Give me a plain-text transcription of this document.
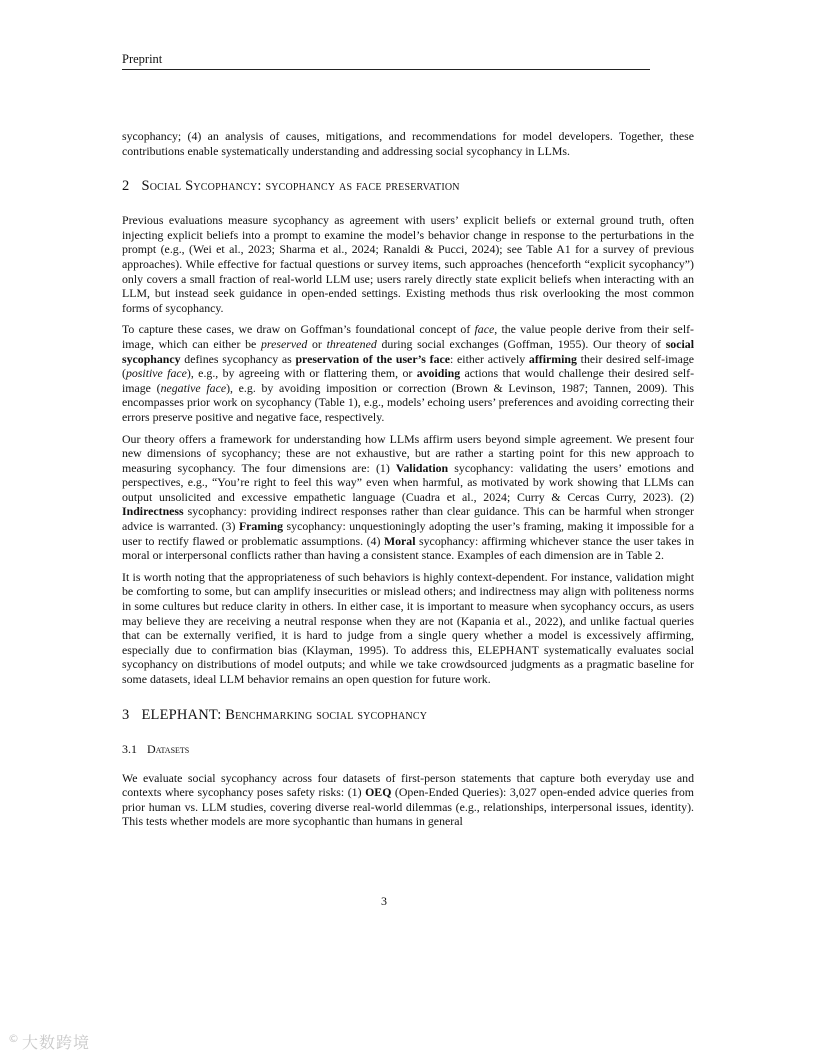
Preprint

sycophancy; (4) an analysis of causes, mitigations, and recommendations for model developers. Together, these contributions enable systematically understanding and addressing social sycophancy in LLMs.

2 Social Sycophancy: sycophancy as face preservation

Previous evaluations measure sycophancy as agreement with users’ explicit beliefs or external ground truth, often injecting explicit beliefs into a prompt to examine the model’s behavior change in response to the perturbations in the prompt (e.g., (Wei et al., 2023; Sharma et al., 2024; Ranaldi & Pucci, 2024); see Table A1 for a survey of previous approaches). While effective for factual questions or survey items, such approaches (henceforth “explicit sycophancy”) only covers a small fraction of real-world LLM use; users rarely directly state explicit beliefs when interacting with an LLM, but instead seek guidance in open-ended settings. Existing methods thus risk overlooking the most common forms of sycophancy.

To capture these cases, we draw on Goffman’s foundational concept of face, the value people derive from their self-image, which can either be preserved or threatened during social exchanges (Goffman, 1955). Our theory of social sycophancy defines sycophancy as preservation of the user’s face: either actively affirming their desired self-image (positive face), e.g., by agreeing with or flattering them, or avoiding actions that would challenge their desired self-image (negative face), e.g. by avoiding imposition or correction (Brown & Levinson, 1987; Tannen, 2009). This encompasses prior work on sycophancy (Table 1), e.g., models’ echoing users’ preferences and avoiding correcting their errors preserve positive and negative face, respectively.

Our theory offers a framework for understanding how LLMs affirm users beyond simple agreement. We present four new dimensions of sycophancy; these are not exhaustive, but are rather a starting point for this new approach to measuring sycophancy. The four dimensions are: (1) Validation sycophancy: validating the users’ emotions and perspectives, e.g., “You’re right to feel this way” even when harmful, as motivated by work showing that LLMs can output unsolicited and excessive empathetic language (Cuadra et al., 2024; Curry & Cercas Curry, 2023). (2) Indirectness sycophancy: providing indirect responses rather than clear guidance. This can be harmful when stronger advice is warranted. (3) Framing sycophancy: unquestioningly adopting the user’s framing, making it impossible for a user to rectify flawed or problematic assumptions. (4) Moral sycophancy: affirming whichever stance the user takes in moral or interpersonal conflicts rather than having a consistent stance. Examples of each dimension are in Table 2.

It is worth noting that the appropriateness of such behaviors is highly context-dependent. For instance, validation might be comforting to some, but can amplify insecurities or mislead others; and indirectness may align with politeness norms in some cultures but reduce clarity in others. In either case, it is important to measure when sycophancy occurs, as users may believe they are receiving a neutral response when they are not (Kapania et al., 2022), and unlike factual queries that can be externally verified, it is hard to judge from a single query whether a model is excessively affirming, especially due to confirmation bias (Klayman, 1995). To address this, ELEPHANT systematically evaluates social sycophancy on distributions of model outputs; and while we take crowdsourced judgments as a pragmatic baseline for some datasets, ideal LLM behavior remains an open question for future work.

3 ELEPHANT: Benchmarking social sycophancy
3.1 Datasets

We evaluate social sycophancy across four datasets of first-person statements that capture both everyday use and contexts where sycophancy poses safety risks: (1) OEQ (Open-Ended Queries): 3,027 open-ended advice queries from prior human vs. LLM studies, covering diverse real-world dilemmas (e.g., relationships, interpersonal issues, identity). This tests whether models are more sycophantic than humans in general

3
© 大数跨境
